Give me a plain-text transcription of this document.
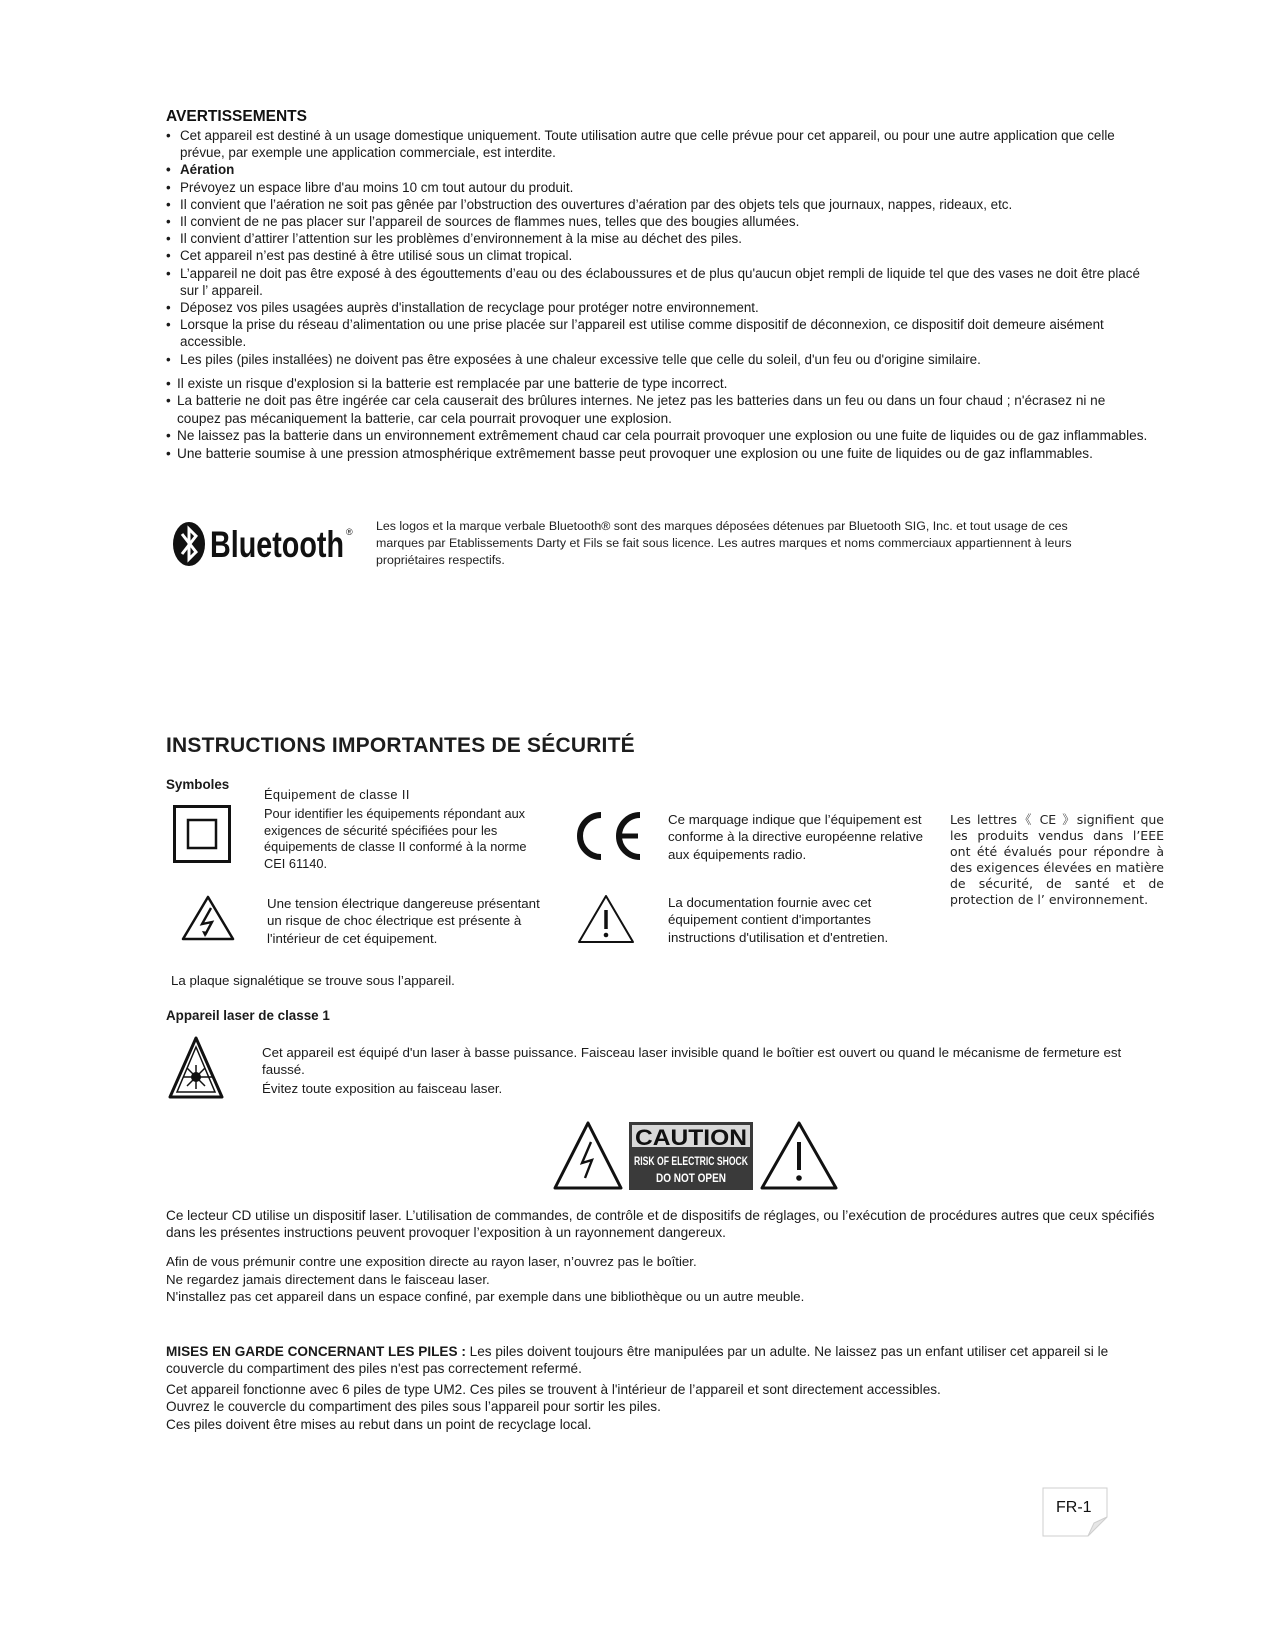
AVERTISSEMENTS
• Cet appareil est destiné à un usage domestique uniquement. Toute utilisation autre que celle prévue pour cet appareil, ou pour une autre application que celle prévue, par exemple une application commerciale, est interdite.
• Aération
• Prévoyez un espace libre d'au moins 10 cm tout autour du produit.
• Il convient que l’aération ne soit pas gênée par l’obstruction des ouvertures d’aération par des objets tels que journaux, nappes, rideaux, etc.
• Il convient de ne pas placer sur l’appareil de sources de flammes nues, telles que des bougies allumées.
• Il convient d’attirer l’attention sur les problèmes d’environnement à la mise au déchet des piles.
• Cet appareil n’est pas destiné à être utilisé sous un climat tropical.
• L’appareil ne doit pas être exposé à des égouttements d’eau ou des éclaboussures et de plus qu'aucun objet rempli de liquide tel que des vases ne doit être placé sur l’ appareil.
• Déposez vos piles usagées auprès d'installation de recyclage pour protéger notre environnement.
• Lorsque la prise du réseau d’alimentation ou une prise placée sur l’appareil est utilise comme dispositif de déconnexion, ce dispositif doit demeure aisément accessible.
• Les piles (piles installées) ne doivent pas être exposées à une chaleur excessive telle que celle du soleil, d'un feu ou d'origine similaire.
• Il existe un risque d'explosion si la batterie est remplacée par une batterie de type incorrect.
• La batterie ne doit pas être ingérée car cela causerait des brûlures internes. Ne jetez pas les batteries dans un feu ou dans un four chaud ; n'écrasez ni ne coupez pas mécaniquement la batterie, car cela pourrait provoquer une explosion.
• Ne laissez pas la batterie dans un environnement extrêmement chaud car cela pourrait provoquer une explosion ou une fuite de liquides ou de gaz inflammables.
• Une batterie soumise à une pression atmosphérique extrêmement basse peut provoquer une explosion ou une fuite de liquides ou de gaz inflammables.
Bluetooth ® Les logos et la marque verbale Bluetooth® sont des marques déposées détenues par Bluetooth SIG, Inc. et tout usage de ces marques par Etablissements Darty et Fils se fait sous licence. Les autres marques et noms commerciaux appartiennent à leurs propriétaires respectifs.

INSTRUCTIONS IMPORTANTES DE SÉCURITÉ
Symboles
Équipement de classe II

Pour identifier les équipements répondant aux exigences de sécurité spécifiées pour les équipements de classe II conformé à la norme CEI 61140.

Une tension électrique dangereuse présentant un risque de choc électrique est présente à l'intérieur de cet équipement.

La plaque signalétique se trouve sous l’appareil.

Ce marquage indique que l’équipement est conforme à la directive européenne relative aux équipements radio.

La documentation fournie avec cet équipement contient d'importantes instructions d'utilisation et d'entretien.

Les lettres《 CE 》signifient que les produits vendus dans l’EEE ont été évalués pour répondre à des exigences élevées en matière de sécurité, de santé et de protection de l’ environnement.

Appareil laser de classe 1

Cet appareil est équipé d'un laser à basse puissance. Faisceau laser invisible quand le boîtier est ouvert ou quand le mécanisme de fermeture est faussé.

Évitez toute exposition au faisceau laser.

CAUTION
RISK OF ELECTRIC SHOCK
DO NOT OPEN

Ce lecteur CD utilise un dispositif laser. L’utilisation de commandes, de contrôle et de dispositifs de réglages, ou l’exécution de procédures autres que ceux spécifiés dans les présentes instructions peuvent provoquer l’exposition à un rayonnement dangereux.

Afin de vous prémunir contre une exposition directe au rayon laser, n’ouvrez pas le boîtier.

Ne regardez jamais directement dans le faisceau laser.

N'installez pas cet appareil dans un espace confiné, par exemple dans une bibliothèque ou un autre meuble.

MISES EN GARDE CONCERNANT LES PILES : Les piles doivent toujours être manipulées par un adulte. Ne laissez pas un enfant utiliser cet appareil si le couvercle du compartiment des piles n'est pas correctement refermé.

Cet appareil fonctionne avec 6 piles de type UM2. Ces piles se trouvent à l'intérieur de l’appareil et sont directement accessibles.

Ouvrez le couvercle du compartiment des piles sous l’appareil pour sortir les piles.

Ces piles doivent être mises au rebut dans un point de recyclage local.

FR-1
